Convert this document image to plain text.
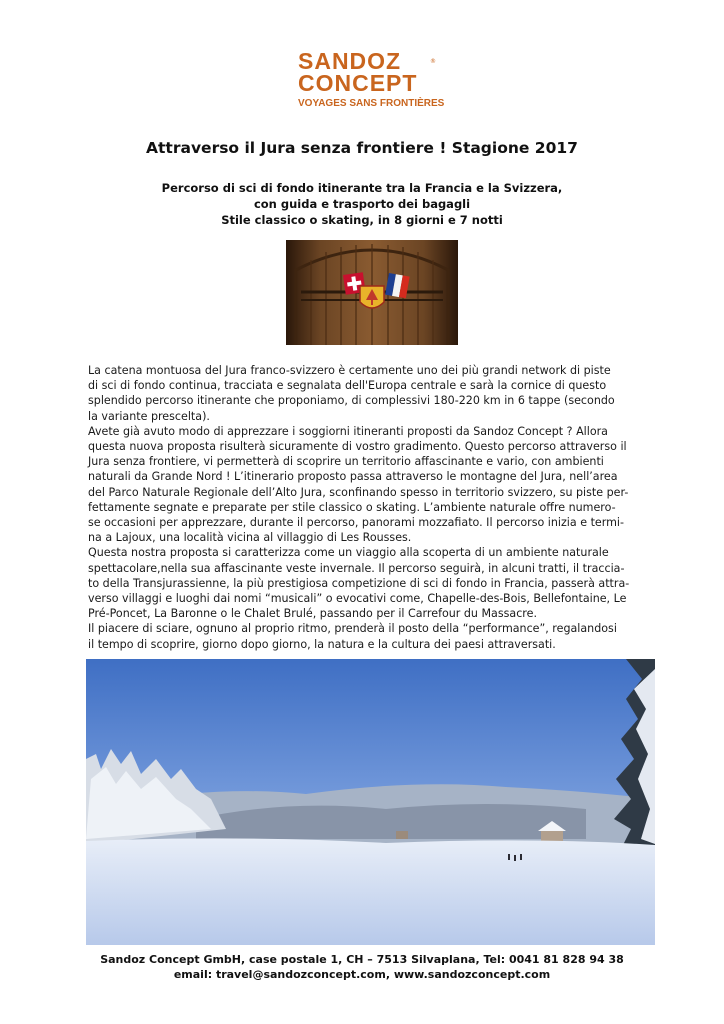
SANDOZ	®
CONCEPT
VOYAGES SANS FRONTIÈRES
Attraverso il Jura senza frontiere ! Stagione 2017
Percorso di sci di fondo itinerante tra la Francia e la Svizzera,
con guida e trasporto dei bagagli
Stile classico o skating, in 8 giorni e 7 notti

La catena montuosa del Jura franco-svizzero è certamente uno dei più grandi network di piste

di sci di fondo continua, tracciata e segnalata dell'Europa centrale e sarà la cornice di questo

splendido percorso itinerante che proponiamo, di complessivi 180-220 km in 6 tappe (secondo

la variante prescelta).

Avete già avuto modo di apprezzare i soggiorni itineranti proposti da Sandoz Concept ? Allora

questa nuova proposta risulterà sicuramente di vostro gradimento. Questo percorso attraverso il

Jura senza frontiere, vi permetterà di scoprire un territorio affascinante e vario, con ambienti

naturali da Grande Nord ! L’itinerario proposto passa attraverso le montagne del Jura, nell’area

del Parco Naturale Regionale dell’Alto Jura, sconfinando spesso in territorio svizzero, su piste per-

fettamente segnate e preparate per stile classico o skating. L’ambiente naturale offre numero-

se occasioni per apprezzare, durante il percorso, panorami mozzafiato. Il percorso inizia e termi-

na a Lajoux, una località vicina al villaggio di Les Rousses.

Questa nostra proposta si caratterizza come un viaggio alla scoperta di un ambiente naturale

spettacolare,nella sua affascinante veste invernale. Il percorso seguirà, in alcuni tratti, il traccia-

to della Transjurassienne, la più prestigiosa competizione di sci di fondo in Francia, passerà attra-

verso villaggi e luoghi dai nomi “musicali” o evocativi come, Chapelle-des-Bois, Bellefontaine, Le

Pré-Poncet, La Baronne o le Chalet Brulé, passando per il Carrefour du Massacre.

Il piacere di sciare, ognuno al proprio ritmo, prenderà il posto della “performance”, regalandosi

il tempo di scoprire, giorno dopo giorno, la natura e la cultura dei paesi attraversati.

Sandoz Concept GmbH, case postale 1, CH – 7513 Silvaplana, Tel: 0041 81 828 94 38
email: travel@sandozconcept.com, www.sandozconcept.com
